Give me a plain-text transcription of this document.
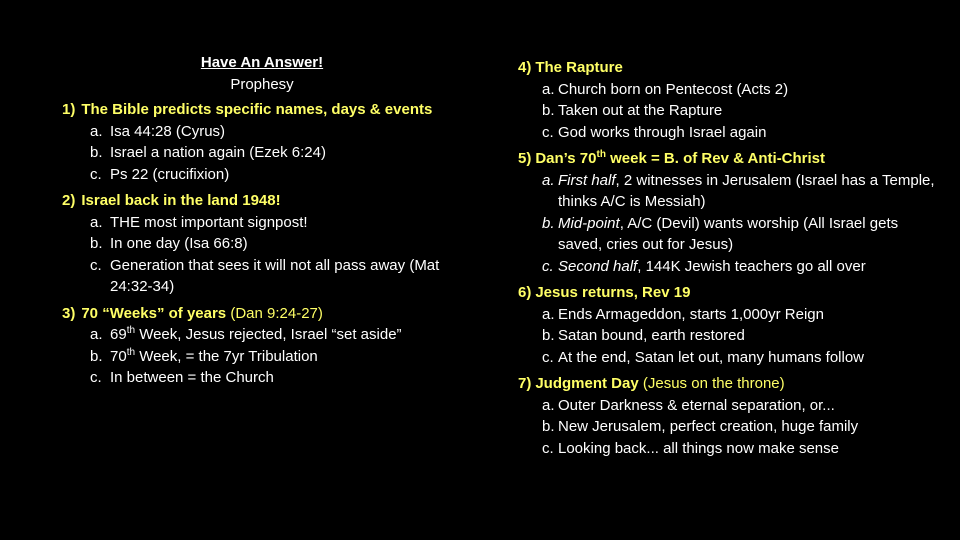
Have An Answer!
Prophesy
1) The Bible predicts specific names, days & events
a. Isa 44:28 (Cyrus)
b. Israel a nation again (Ezek 6:24)
c. Ps 22 (crucifixion)
2) Israel back in the land 1948!
a. THE most important signpost!
b. In one day (Isa 66:8)
c. Generation that sees it will not all pass away (Mat 24:32-34)
3) 70 “Weeks” of years (Dan 9:24-27)
a. 69th Week, Jesus rejected, Israel “set aside”
b. 70th Week, = the 7yr Tribulation
c. In between = the Church
4) The Rapture
a. Church born on Pentecost (Acts 2)
b. Taken out at the Rapture
c. God works through Israel again
5) Dan’s 70th week = B. of Rev & Anti-Christ
a. First half, 2 witnesses in Jerusalem (Israel has a Temple, thinks A/C is Messiah)
b. Mid-point, A/C (Devil) wants worship (All Israel gets saved, cries out for Jesus)
c. Second half, 144K Jewish teachers go all over
6) Jesus returns, Rev 19
a. Ends Armageddon, starts 1,000yr Reign
b. Satan bound, earth restored
c. At the end, Satan let out, many humans follow
7) Judgment Day (Jesus on the throne)
a. Outer Darkness & eternal separation, or...
b. New Jerusalem, perfect creation, huge family
c. Looking back... all things now make sense
